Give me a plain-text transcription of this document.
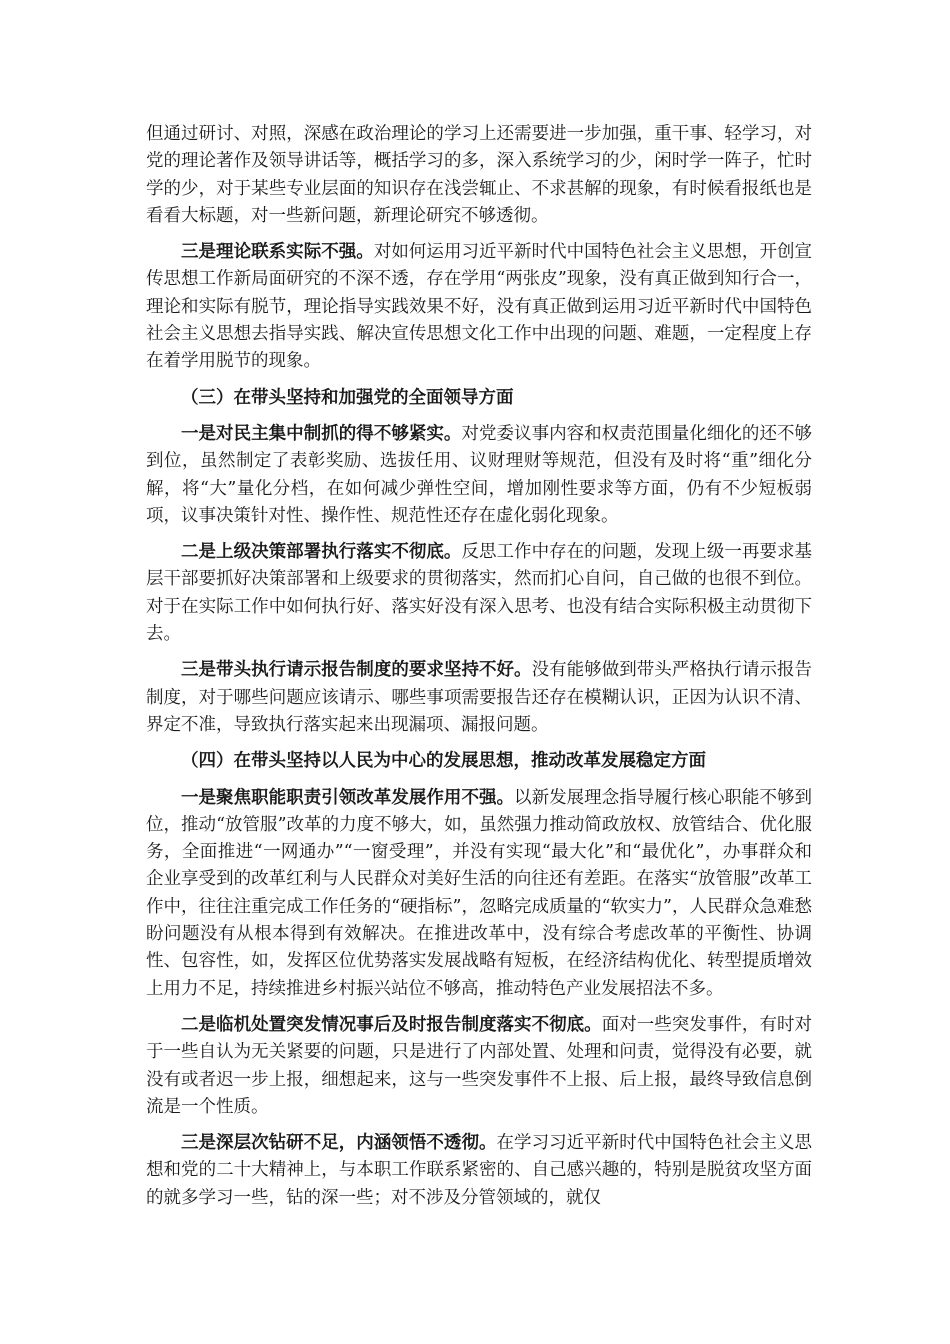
但通过研讨、对照，深感在政治理论的学习上还需要进一步加强，重干事、轻学习，对党的理论著作及领导讲话等，概括学习的多，深入系统学习的少，闲时学一阵子，忙时学的少，对于某些专业层面的知识存在浅尝辄止、不求甚解的现象，有时候看报纸也是看看大标题，对一些新问题，新理论研究不够透彻。

三是理论联系实际不强。对如何运用习近平新时代中国特色社会主义思想，开创宣传思想工作新局面研究的不深不透，存在学用“两张皮”现象，没有真正做到知行合一，理论和实际有脱节，理论指导实践效果不好，没有真正做到运用习近平新时代中国特色社会主义思想去指导实践、解决宣传思想文化工作中出现的问题、难题，一定程度上存在着学用脱节的现象。

（三）在带头坚持和加强党的全面领导方面

一是对民主集中制抓的得不够紧实。对党委议事内容和权责范围量化细化的还不够到位，虽然制定了表彰奖励、选拔任用、议财理财等规范，但没有及时将“重”细化分解，将“大”量化分档，在如何减少弹性空间，增加刚性要求等方面，仍有不少短板弱项，议事决策针对性、操作性、规范性还存在虚化弱化现象。

二是上级决策部署执行落实不彻底。反思工作中存在的问题，发现上级一再要求基层干部要抓好决策部署和上级要求的贯彻落实，然而扪心自问，自己做的也很不到位。对于在实际工作中如何执行好、落实好没有深入思考、也没有结合实际积极主动贯彻下去。

三是带头执行请示报告制度的要求坚持不好。没有能够做到带头严格执行请示报告制度，对于哪些问题应该请示、哪些事项需要报告还存在模糊认识，正因为认识不清、界定不准，导致执行落实起来出现漏项、漏报问题。

（四）在带头坚持以人民为中心的发展思想，推动改革发展稳定方面

一是聚焦职能职责引领改革发展作用不强。以新发展理念指导履行核心职能不够到位，推动“放管服”改革的力度不够大，如，虽然强力推动简政放权、放管结合、优化服务，全面推进“一网通办”“一窗受理”，并没有实现“最大化”和“最优化”，办事群众和企业享受到的改革红利与人民群众对美好生活的向往还有差距。在落实“放管服”改革工作中，往往注重完成工作任务的“硬指标”，忽略完成质量的“软实力”，人民群众急难愁盼问题没有从根本得到有效解决。在推进改革中，没有综合考虑改革的平衡性、协调性、包容性，如，发挥区位优势落实发展战略有短板，在经济结构优化、转型提质增效上用力不足，持续推进乡村振兴站位不够高，推动特色产业发展招法不多。

二是临机处置突发情况事后及时报告制度落实不彻底。面对一些突发事件，有时对于一些自认为无关紧要的问题，只是进行了内部处置、处理和问责，觉得没有必要，就没有或者迟一步上报，细想起来，这与一些突发事件不上报、后上报，最终导致信息倒流是一个性质。

三是深层次钻研不足，内涵领悟不透彻。在学习习近平新时代中国特色社会主义思想和党的二十大精神上，与本职工作联系紧密的、自己感兴趣的，特别是脱贫攻坚方面的就多学习一些，钻的深一些；对不涉及分管领域的，就仅
